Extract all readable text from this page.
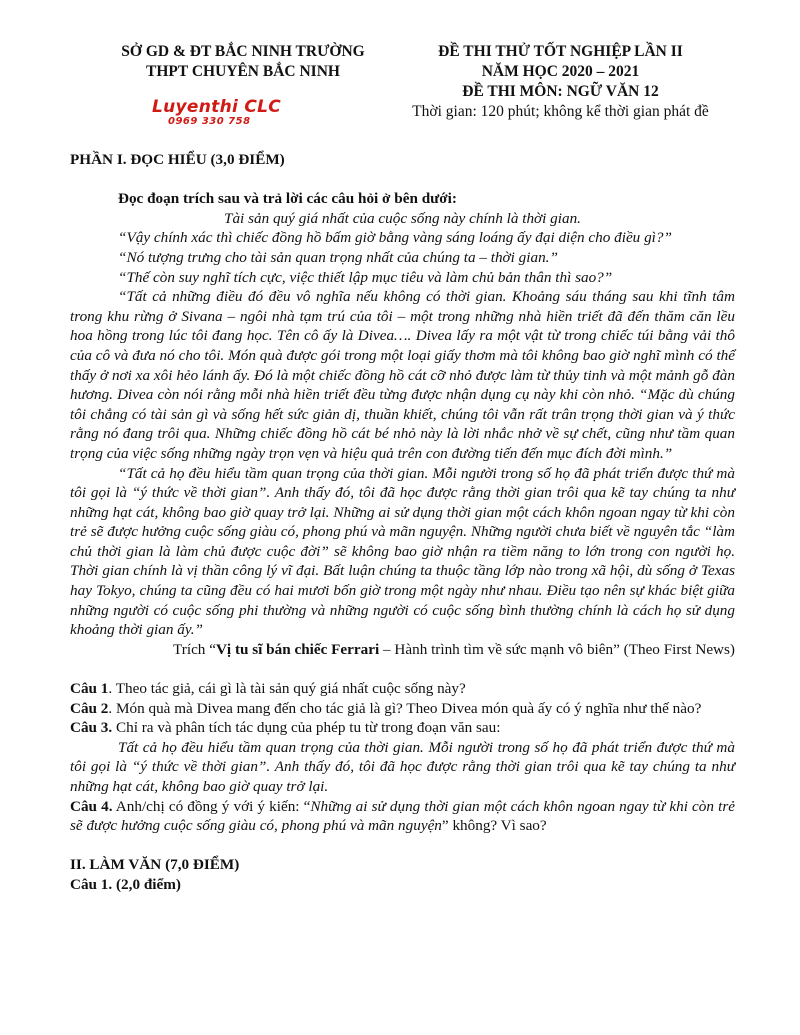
SỞ GD & ĐT BẮC NINH TRƯỜNG
THPT CHUYÊN BẮC NINH
ĐỀ THI THỬ TỐT NGHIỆP LẦN II
NĂM HỌC 2020 – 2021
ĐỀ THI MÔN: NGỮ VĂN 12
Thời gian: 120 phút; không kể thời gian phát đề
Luyenthi CLC
0969 330 758

PHẦN I. ĐỌC HIỂU (3,0 ĐIỂM)

Đọc đoạn trích sau và trả lời các câu hỏi ở bên dưới:

Tài sản quý giá nhất của cuộc sống này chính là thời gian.

“Vậy chính xác thì chiếc đồng hồ bấm giờ bằng vàng sáng loáng ấy đại diện cho điều gì?”

“Nó tượng trưng cho tài sản quan trọng nhất của chúng ta – thời gian.”

“Thế còn suy nghĩ tích cực, việc thiết lập mục tiêu và làm chủ bản thân thì sao?”

“Tất cả những điều đó đều vô nghĩa nếu không có thời gian. Khoảng sáu tháng sau khi tĩnh tâm trong khu rừng ở Sivana – ngôi nhà tạm trú của tôi – một trong những nhà hiền triết đã đến thăm căn lều hoa hồng trong lúc tôi đang học. Tên cô ấy là Divea…. Divea lấy ra một vật từ trong chiếc túi bằng vải thô của cô và đưa nó cho tôi. Món quà được gói trong một loại giấy thơm mà tôi không bao giờ nghĩ mình có thể thấy ở nơi xa xôi hẻo lánh ấy. Đó là một chiếc đồng hồ cát cỡ nhỏ được làm từ thủy tinh và một mảnh gỗ đàn hương. Divea còn nói rằng mỗi nhà hiền triết đều từng được nhận dụng cụ này khi còn nhỏ. “Mặc dù chúng tôi chẳng có tài sản gì và sống hết sức giản dị, thuần khiết, chúng tôi vẫn rất trân trọng thời gian và ý thức rằng nó đang trôi qua. Những chiếc đồng hồ cát bé nhỏ này là lời nhắc nhở về sự chết, cũng như tầm quan trọng của việc sống những ngày trọn vẹn và hiệu quả trên con đường tiến đến mục đích đời mình.”

“Tất cả họ đều hiểu tầm quan trọng của thời gian. Mỗi người trong số họ đã phát triển được thứ mà tôi gọi là “ý thức về thời gian”. Anh thấy đó, tôi đã học được rằng thời gian trôi qua kẽ tay chúng ta như những hạt cát, không bao giờ quay trở lại. Những ai sử dụng thời gian một cách khôn ngoan ngay từ khi còn trẻ sẽ được hưởng cuộc sống giàu có, phong phú và mãn nguyện. Những người chưa biết về nguyên tắc “làm chủ thời gian là làm chủ được cuộc đời” sẽ không bao giờ nhận ra tiềm năng to lớn trong con người họ. Thời gian chính là vị thần công lý vĩ đại. Bất luận chúng ta thuộc tầng lớp nào trong xã hội, dù sống ở Texas hay Tokyo, chúng ta cũng đều có hai mươi bốn giờ trong một ngày như nhau. Điều tạo nên sự khác biệt giữa những người có cuộc sống phi thường và những người có cuộc sống bình thường chính là cách họ sử dụng khoảng thời gian ấy.”

Trích “Vị tu sĩ bán chiếc Ferrari – Hành trình tìm về sức mạnh vô biên” (Theo First News)

Câu 1. Theo tác giả, cái gì là tài sản quý giá nhất cuộc sống này?

Câu 2. Món quà mà Divea mang đến cho tác giả là gì? Theo Divea món quà ấy có ý nghĩa như thế nào?

Câu 3. Chỉ ra và phân tích tác dụng của phép tu từ trong đoạn văn sau:

Tất cả họ đều hiểu tầm quan trọng của thời gian. Mỗi người trong số họ đã phát triển được thứ mà tôi gọi là “ý thức về thời gian”. Anh thấy đó, tôi đã học được rằng thời gian trôi qua kẽ tay chúng ta như những hạt cát, không bao giờ quay trở lại.

Câu 4. Anh/chị có đồng ý với ý kiến: “Những ai sử dụng thời gian một cách khôn ngoan ngay từ khi còn trẻ sẽ được hưởng cuộc sống giàu có, phong phú và mãn nguyện” không? Vì sao?

II. LÀM VĂN (7,0 ĐIỂM)

Câu 1. (2,0 điểm)
